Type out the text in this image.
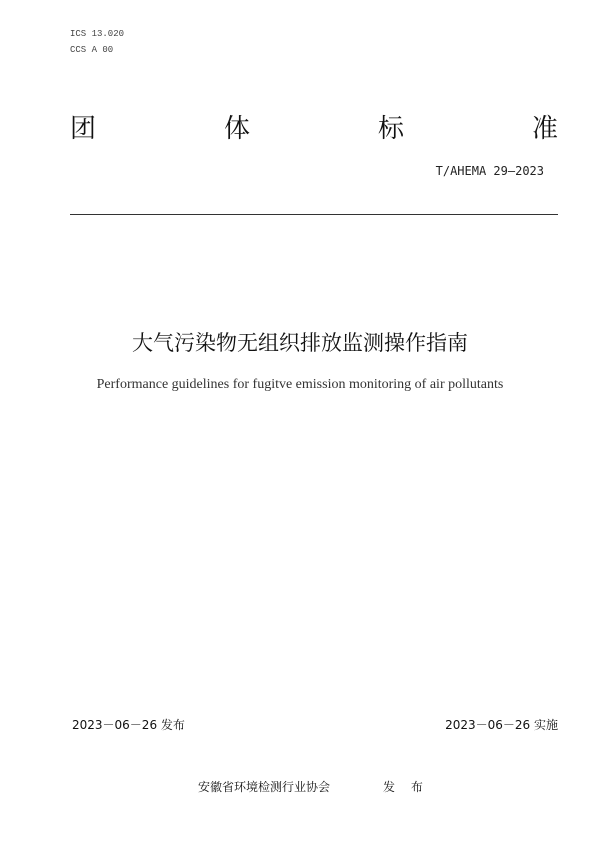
ICS 13.020
CCS A 00
团	体	标	准
T/AHEMA 29—2023
大气污染物无组织排放监测操作指南
Performance guidelines for fugitve emission monitoring of air pollutants
2023－06－26 发布	2023－06－26 实施
安徽省环境检测行业协会	发 布
